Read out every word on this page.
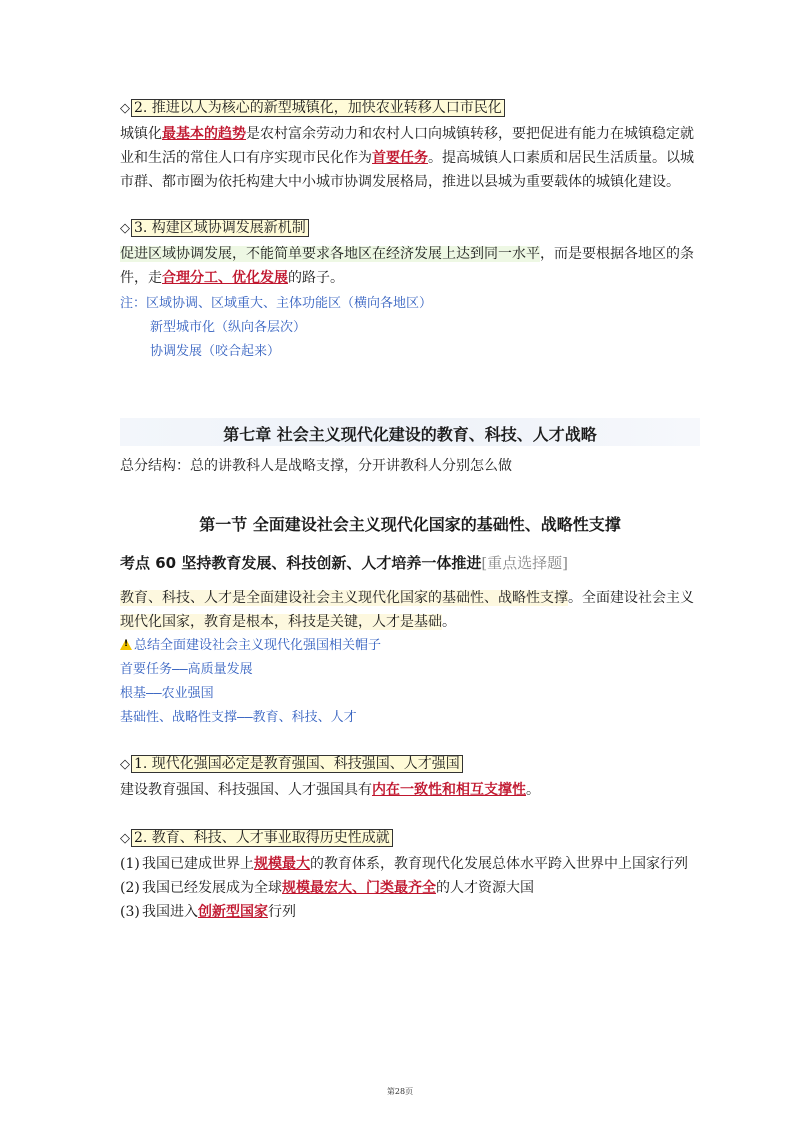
◇ 2. 推进以人为核心的新型城镇化，加快农业转移人口市民化
城镇化最基本的趋势是农村富余劳动力和农村人口向城镇转移，要把促进有能力在城镇稳定就
业和生活的常住人口有序实现市民化作为首要任务。提高城镇人口素质和居民生活质量。以城
市群、都市圈为依托构建大中小城市协调发展格局，推进以县城为重要载体的城镇化建设。
◇ 3. 构建区域协调发展新机制
促进区域协调发展，不能简单要求各地区在经济发展上达到同一水平，而是要根据各地区的条
件，走合理分工、优化发展的路子。
注：区域协调、区域重大、主体功能区（横向各地区）
新型城市化（纵向各层次）
协调发展（咬合起来）
第七章 社会主义现代化建设的教育、科技、人才战略
总分结构：总的讲教科人是战略支撑，分开讲教科人分别怎么做
第一节 全面建设社会主义现代化国家的基础性、战略性支撑
考点 60 坚持教育发展、科技创新、人才培养一体推进[重点选择题]
教育、科技、人才是全面建设社会主义现代化国家的基础性、战略性支撑。全面建设社会主义
现代化国家，教育是根本，科技是关键，人才是基础。
!总结全面建设社会主义现代化强国相关帽子
首要任务——高质量发展
根基——农业强国
基础性、战略性支撑——教育、科技、人才
◇ 1. 现代化强国必定是教育强国、科技强国、人才强国
建设教育强国、科技强国、人才强国具有内在一致性和相互支撑性。
◇ 2. 教育、科技、人才事业取得历史性成就
(1) 我国已建成世界上规模最大的教育体系，教育现代化发展总体水平跨入世界中上国家行列
(2) 我国已经发展成为全球规模最宏大、门类最齐全的人才资源大国
(3) 我国进入创新型国家行列
第28页
